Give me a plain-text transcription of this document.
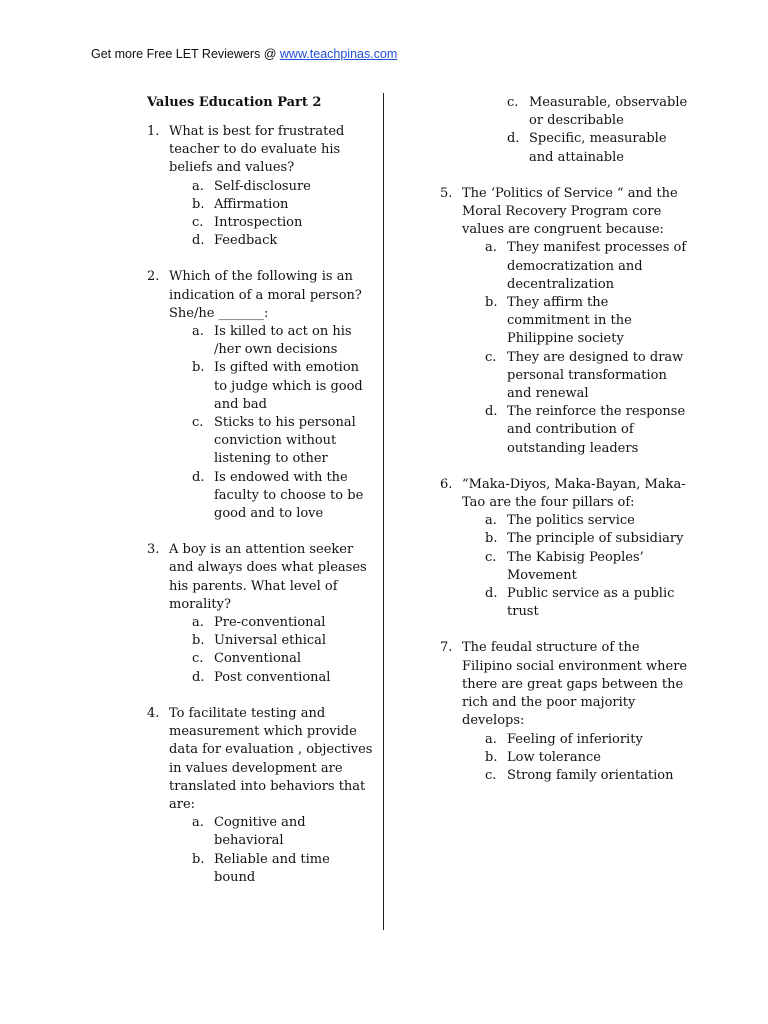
Get more Free LET Reviewers @ www.teachpinas.com
Values Education Part 2
1. What is best for frustrated teacher to do evaluate his beliefs and values?
a. Self-disclosure
b. Affirmation
c. Introspection
d. Feedback
2. Which of the following is an indication of a moral person? She/he _______:
a. Is killed to act on his /her own decisions
b. Is gifted with emotion to judge which is good and bad
c. Sticks to his personal conviction without listening to other
d. Is endowed with the faculty to choose to be good and to love
3. A boy is an attention seeker and always does what pleases his parents. What level of morality?
a. Pre-conventional
b. Universal ethical
c. Conventional
d. Post conventional
4. To facilitate testing and measurement which provide data for evaluation , objectives in values development are translated into behaviors that are:
a. Cognitive and behavioral
b. Reliable and time bound
c. Measurable, observable or describable
d. Specific, measurable and attainable
5. The ‘Politics of Service “ and the Moral Recovery Program core values are congruent because:
a. They manifest processes of democratization and decentralization
b. They affirm the commitment in the Philippine society
c. They are designed to draw personal transformation and renewal
d. The reinforce the response and contribution of outstanding leaders
6. “Maka-Diyos, Maka-Bayan, Maka-Tao are the four pillars of:
a. The politics service
b. The principle of subsidiary
c. The Kabisig Peoples’ Movement
d. Public service as a public trust
7. The feudal structure of the Filipino social environment where there are great gaps between the rich and the poor majority develops:
a. Feeling of inferiority
b. Low tolerance
c. Strong family orientation
